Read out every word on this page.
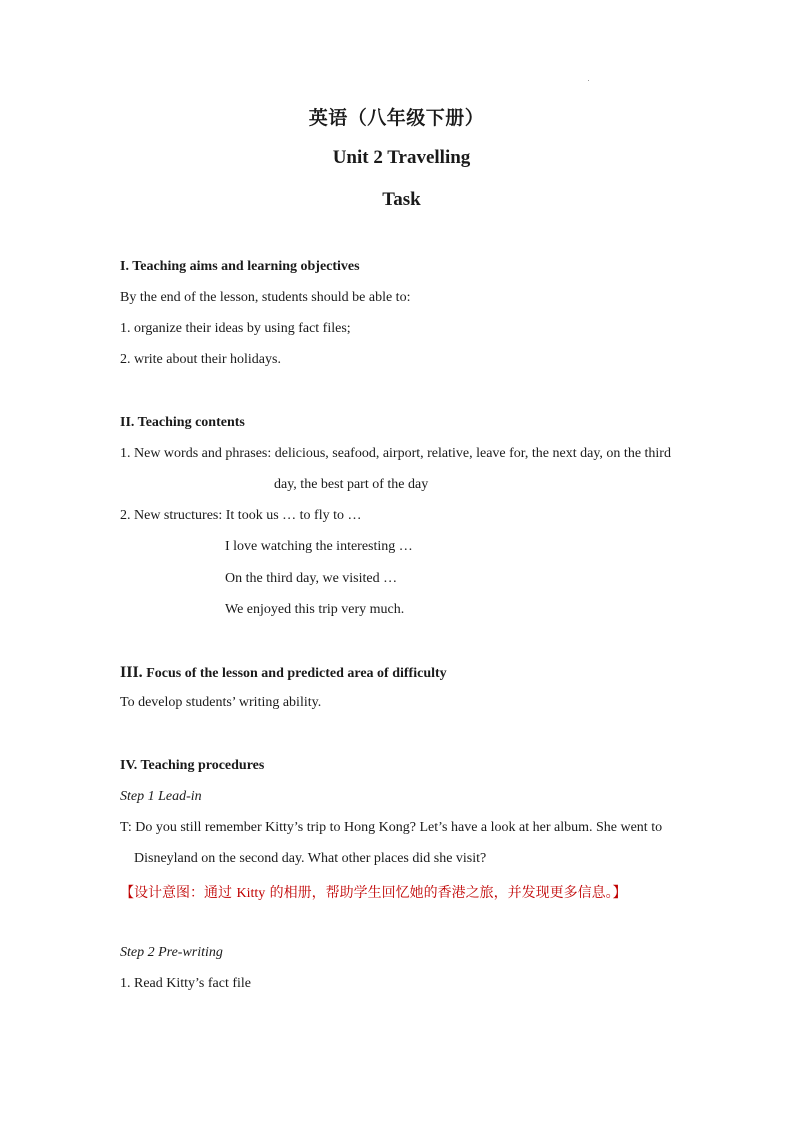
英语（八年级下册）
Unit 2 Travelling
Task
I. Teaching aims and learning objectives
By the end of the lesson, students should be able to:
1. organize their ideas by using fact files;
2. write about their holidays.
II. Teaching contents
1. New words and phrases: delicious, seafood, airport, relative, leave for, the next day, on the third
day, the best part of the day
2. New structures: It took us … to fly to …
I love watching the interesting …
On the third day, we visited …
We enjoyed this trip very much.
III. Focus of the lesson and predicted area of difficulty
To develop students’ writing ability.
IV. Teaching procedures
Step 1 Lead-in
T: Do you still remember Kitty’s trip to Hong Kong? Let’s have a look at her album. She went to
Disneyland on the second day. What other places did she visit?
【设计意图：通过 Kitty 的相册，帮助学生回忆她的香港之旅，并发现更多信息。】
Step 2 Pre-writing
1. Read Kitty’s fact file
